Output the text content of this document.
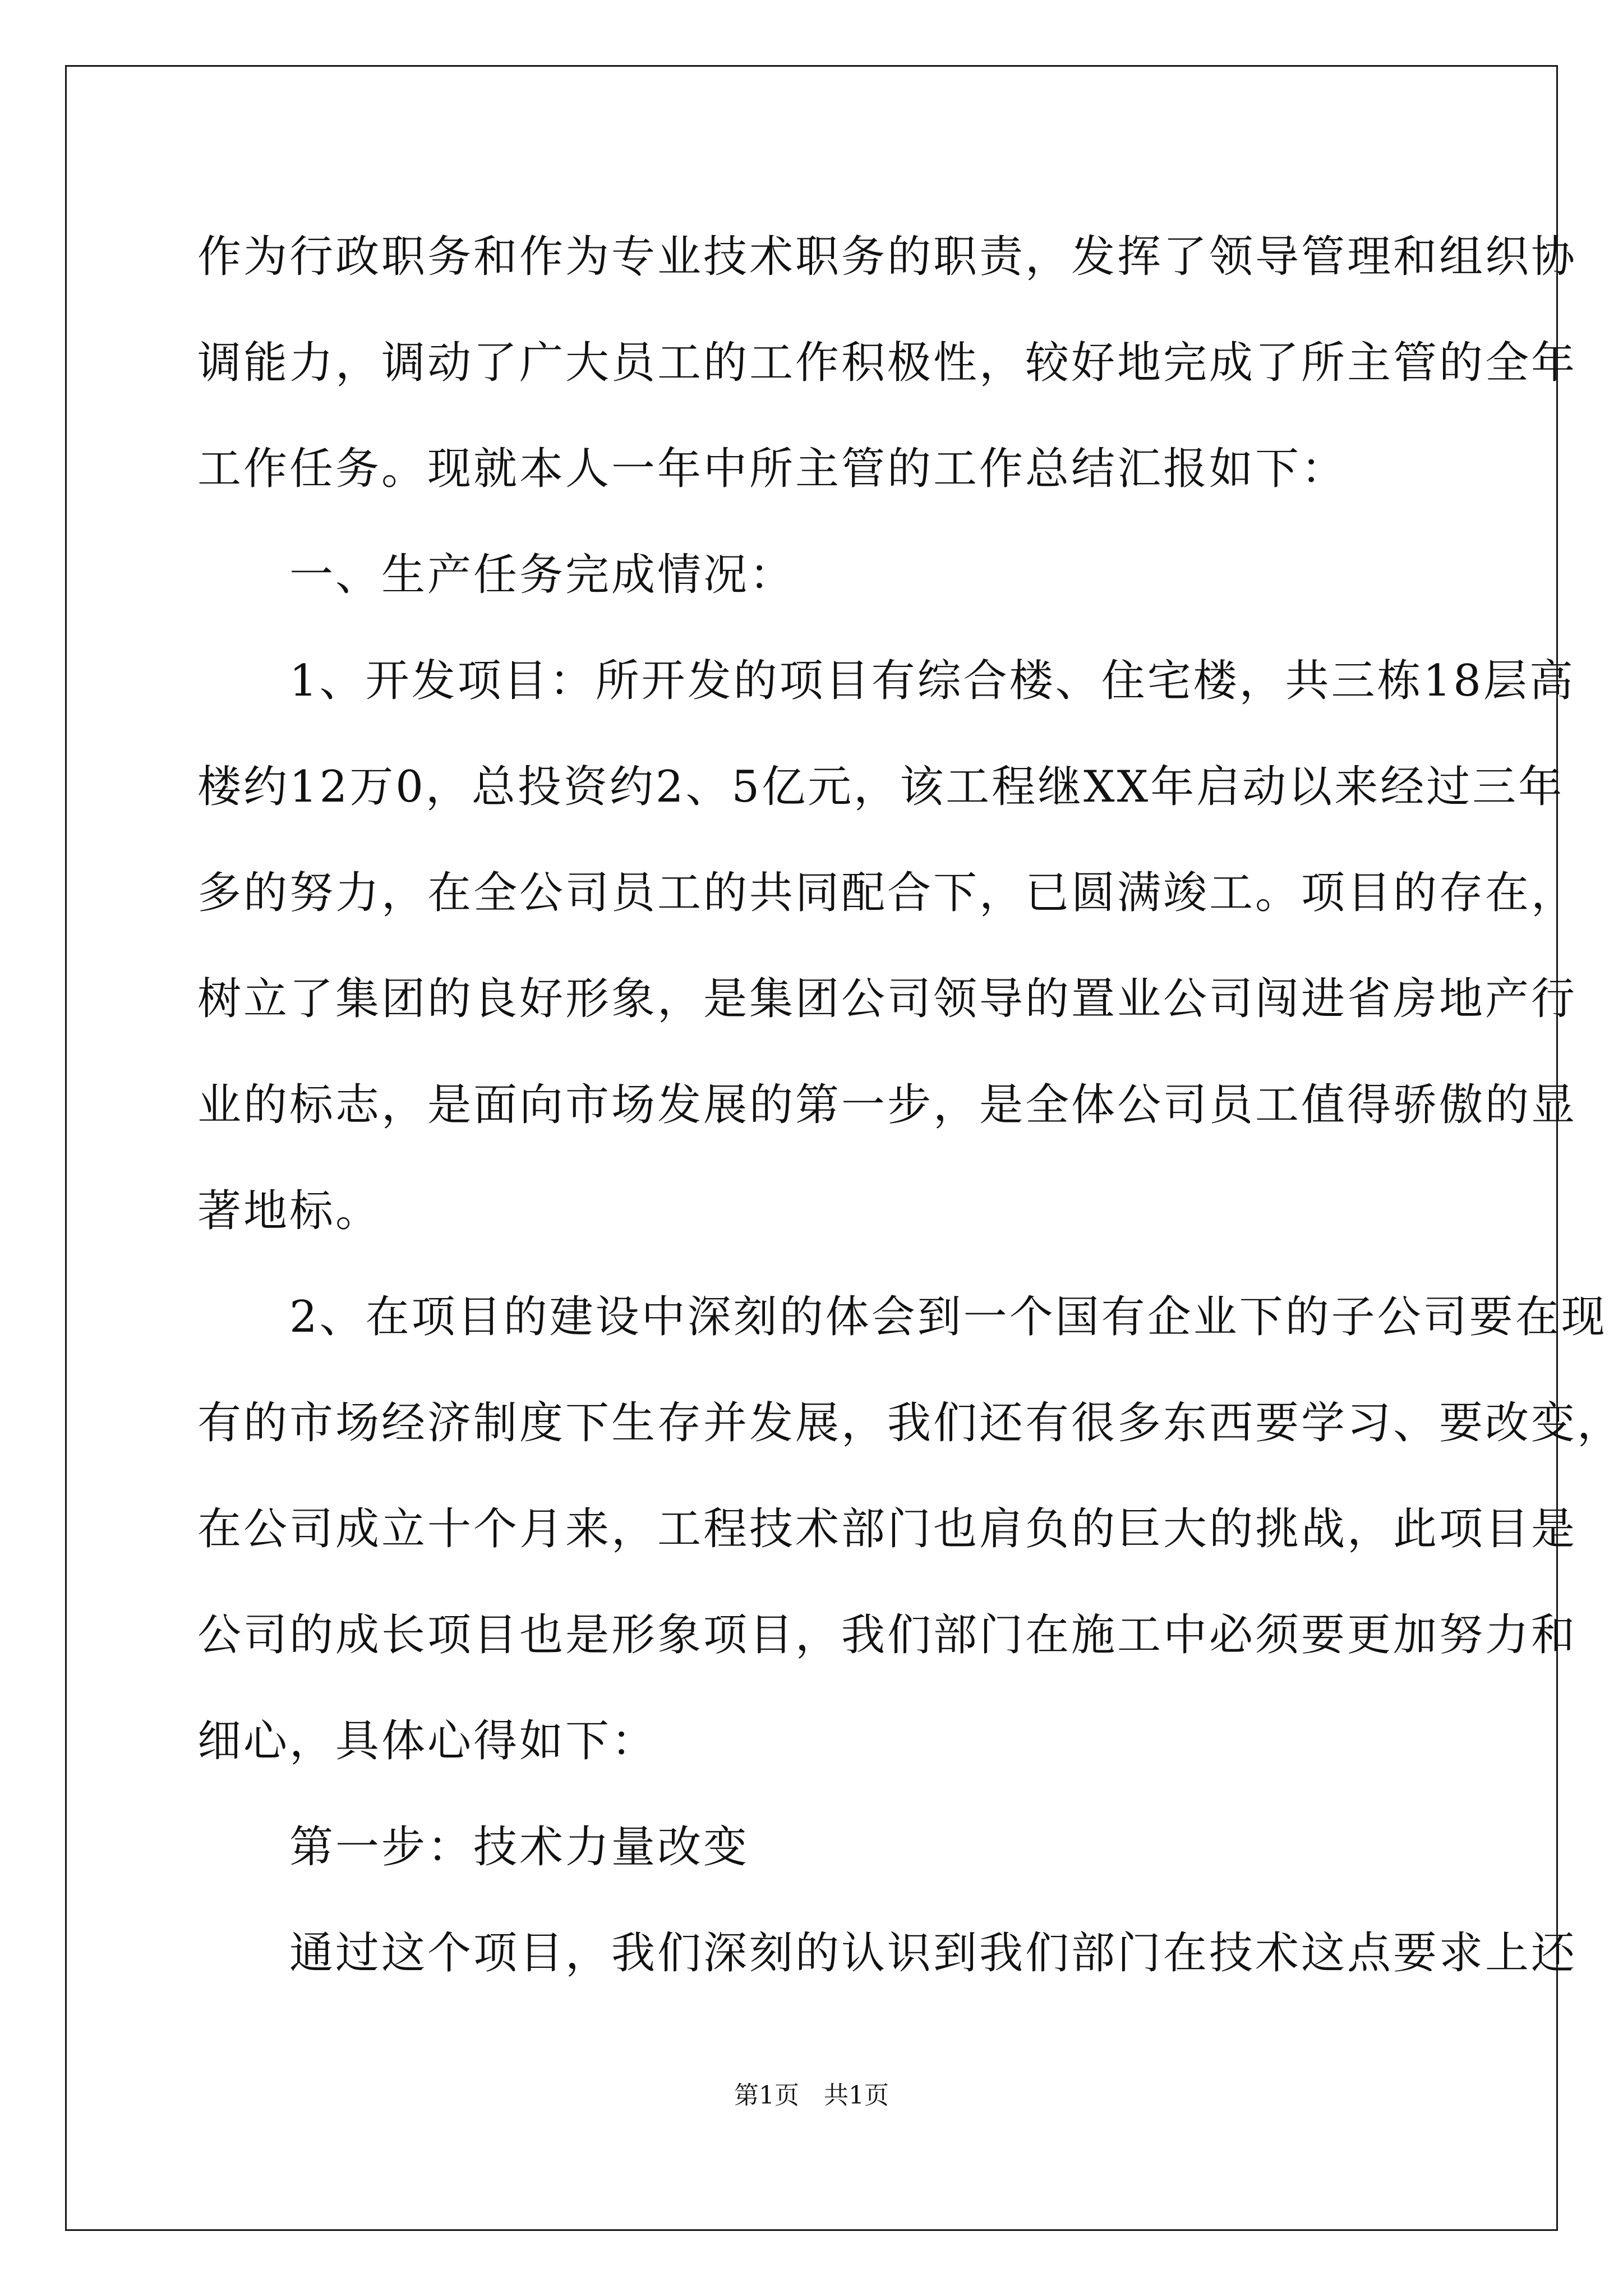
作为行政职务和作为专业技术职务的职责，发挥了领导管理和组织协
调能力，调动了广大员工的工作积极性，较好地完成了所主管的全年
工作任务。现就本人一年中所主管的工作总结汇报如下：
　　一、生产任务完成情况：
　　1、开发项目：所开发的项目有综合楼、住宅楼，共三栋18层高
楼约12万0，总投资约2、5亿元，该工程继XX年启动以来经过三年
多的努力，在全公司员工的共同配合下，已圆满竣工。项目的存在，
树立了集团的良好形象，是集团公司领导的置业公司闯进省房地产行
业的标志，是面向市场发展的第一步，是全体公司员工值得骄傲的显
著地标。
　　2、在项目的建设中深刻的体会到一个国有企业下的子公司要在现
有的市场经济制度下生存并发展，我们还有很多东西要学习、要改变，
在公司成立十个月来，工程技术部门也肩负的巨大的挑战，此项目是
公司的成长项目也是形象项目，我们部门在施工中必须要更加努力和
细心，具体心得如下：
　　第一步：技术力量改变
　　通过这个项目，我们深刻的认识到我们部门在技术这点要求上还
第1页　共1页
